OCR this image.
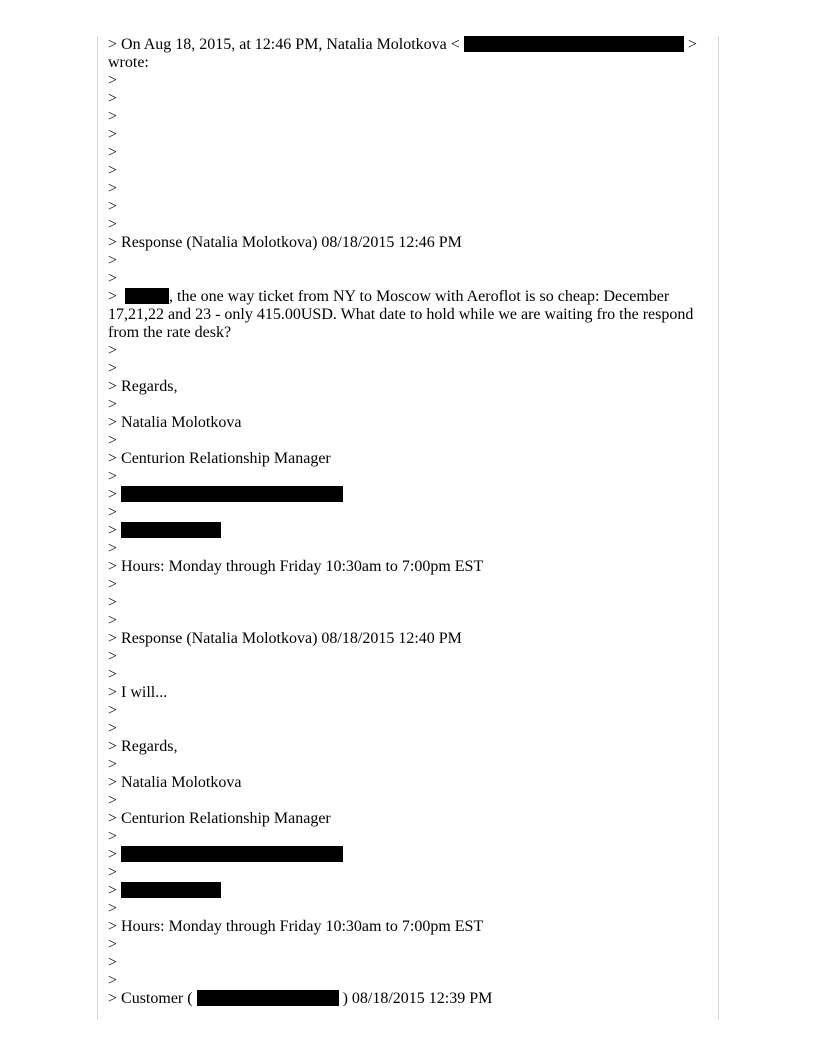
> On Aug 18, 2015, at 12:46 PM, Natalia Molotkova <	>
wrote:
>
>
>
>
>
>
>
>
>
> Response (Natalia Molotkova) 08/18/2015 12:46 PM
>
>
>	, the one way ticket from NY to Moscow with Aeroflot is so cheap: December 17,21,22 and 23 - only 415.00USD. What date to hold while we are waiting fro the respond from the rate desk?
>
>
> Regards,
>
> Natalia Molotkova
>
> Centurion Relationship Manager
>
>
>
>
>
> Hours: Monday through Friday 10:30am to 7:00pm EST
>
>
>
> Response (Natalia Molotkova) 08/18/2015 12:40 PM
>
>
> I will...
>
>
> Regards,
>
> Natalia Molotkova
>
> Centurion Relationship Manager
>
>
>
>
>
> Hours: Monday through Friday 10:30am to 7:00pm EST
>
>
>
> Customer (	) 08/18/2015 12:39 PM
